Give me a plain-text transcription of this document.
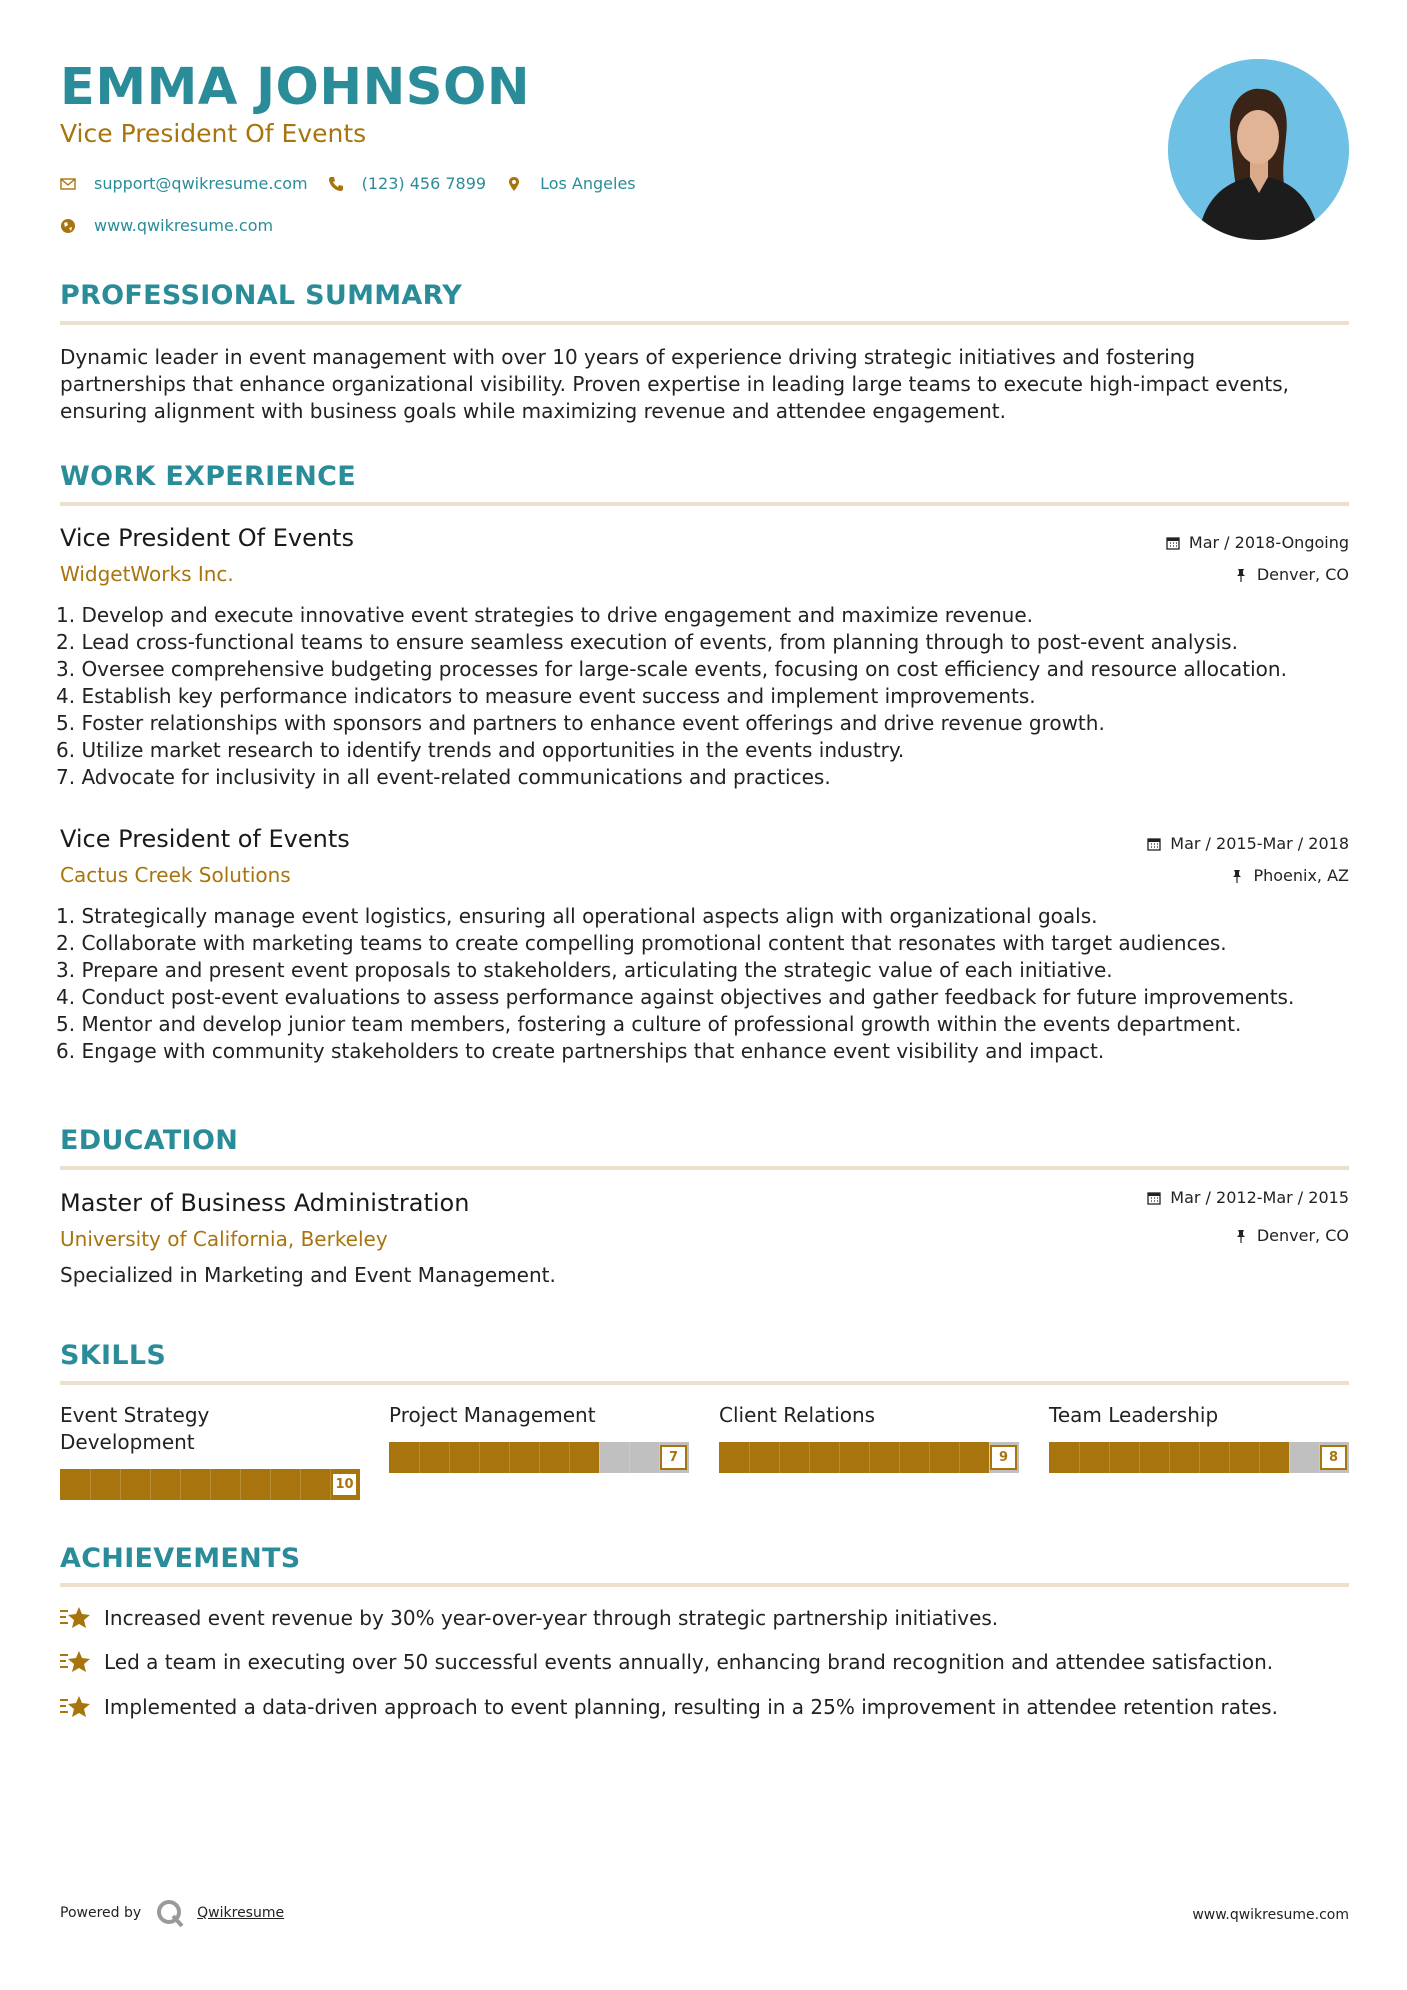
EMMA JOHNSON
Vice President Of Events
support@qwikresume.com	(123) 456 7899	Los Angeles
www.qwikresume.com
PROFESSIONAL SUMMARY
Dynamic leader in event management with over 10 years of experience driving strategic initiatives and fostering
partnerships that enhance organizational visibility. Proven expertise in leading large teams to execute high-impact events,
ensuring alignment with business goals while maximizing revenue and attendee engagement.
WORK EXPERIENCE
Vice President Of Events
WidgetWorks Inc.
Mar / 2018-Ongoing
Denver, CO
1. Develop and execute innovative event strategies to drive engagement and maximize revenue.
2. Lead cross-functional teams to ensure seamless execution of events, from planning through to post-event analysis.
3. Oversee comprehensive budgeting processes for large-scale events, focusing on cost efficiency and resource allocation.
4. Establish key performance indicators to measure event success and implement improvements.
5. Foster relationships with sponsors and partners to enhance event offerings and drive revenue growth.
6. Utilize market research to identify trends and opportunities in the events industry.
7. Advocate for inclusivity in all event-related communications and practices.
Vice President of Events
Cactus Creek Solutions
Mar / 2015-Mar / 2018
Phoenix, AZ
1. Strategically manage event logistics, ensuring all operational aspects align with organizational goals.
2. Collaborate with marketing teams to create compelling promotional content that resonates with target audiences.
3. Prepare and present event proposals to stakeholders, articulating the strategic value of each initiative.
4. Conduct post-event evaluations to assess performance against objectives and gather feedback for future improvements.
5. Mentor and develop junior team members, fostering a culture of professional growth within the events department.
6. Engage with community stakeholders to create partnerships that enhance event visibility and impact.
EDUCATION
Master of Business Administration
University of California, Berkeley
Mar / 2012-Mar / 2015
Denver, CO
Specialized in Marketing and Event Management.
SKILLS
Event Strategy
Development
10
Project Management
7
Client Relations
9
Team Leadership
8
ACHIEVEMENTS
Increased event revenue by 30% year-over-year through strategic partnership initiatives.
Led a team in executing over 50 successful events annually, enhancing brand recognition and attendee satisfaction.
Implemented a data-driven approach to event planning, resulting in a 25% improvement in attendee retention rates.
Powered by	Qwikresume	www.qwikresume.com
